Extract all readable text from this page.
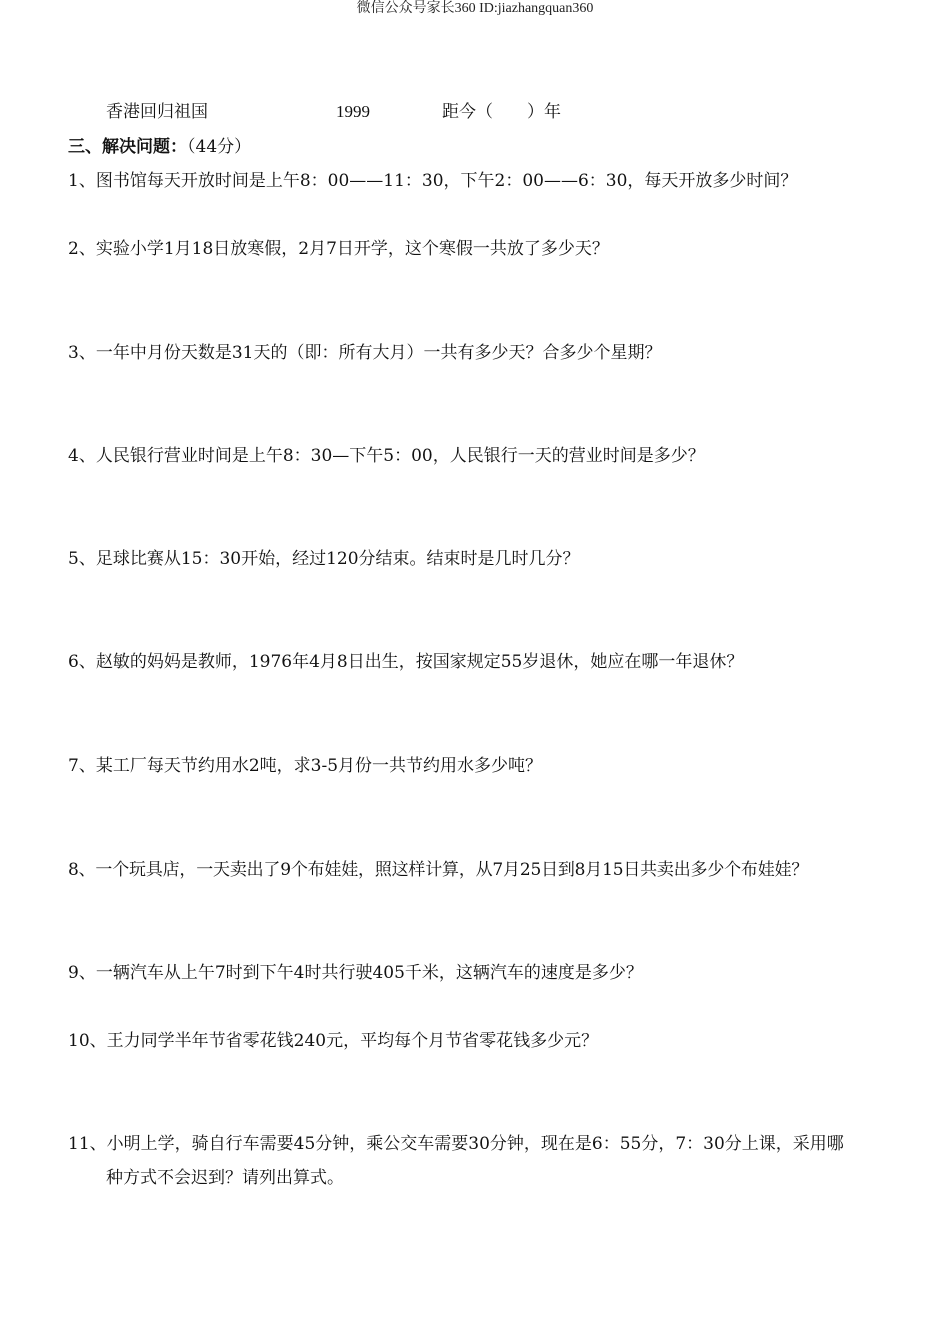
微信公众号家长360 ID:jiazhangquan360
香港回归祖国	1999	距今（　　）年
三、解决问题：（44分）
1、图书馆每天开放时间是上午8：00——11：30，下午2：00——6：30，每天开放多少时间？
2、实验小学1月18日放寒假，2月7日开学，这个寒假一共放了多少天？
3、一年中月份天数是31天的（即：所有大月）一共有多少天？合多少个星期？
4、人民银行营业时间是上午8：30—下午5：00，人民银行一天的营业时间是多少？
5、足球比赛从15：30开始，经过120分结束。结束时是几时几分？
6、赵敏的妈妈是教师，1976年4月8日出生，按国家规定55岁退休，她应在哪一年退休？
7、某工厂每天节约用水2吨，求3-5月份一共节约用水多少吨？
8、一个玩具店，一天卖出了9个布娃娃，照这样计算，从7月25日到8月15日共卖出多少个布娃娃？
9、一辆汽车从上午7时到下午4时共行驶405千米，这辆汽车的速度是多少？
10、王力同学半年节省零花钱240元，平均每个月节省零花钱多少元？
11、小明上学，骑自行车需要45分钟，乘公交车需要30分钟，现在是6：55分，7：30分上课，采用哪
种方式不会迟到？请列出算式。
